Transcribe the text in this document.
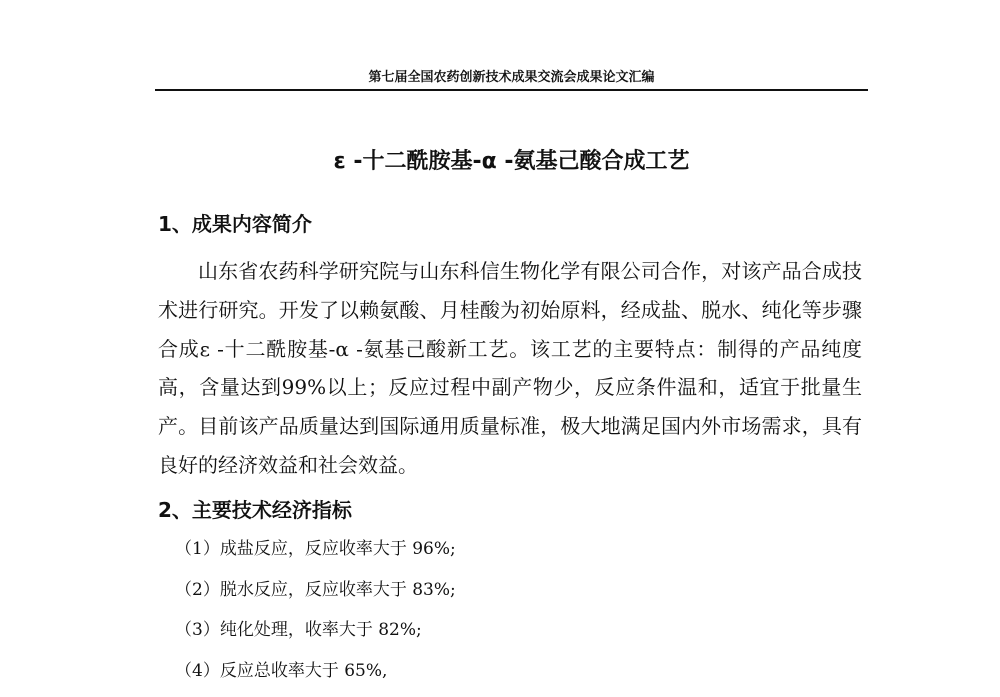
第七届全国农药创新技术成果交流会成果论文汇编
ε -十二酰胺基-α -氨基己酸合成工艺
1、成果内容简介
山东省农药科学研究院与山东科信生物化学有限公司合作，对该产品合成技术进行研究。开发了以赖氨酸、月桂酸为初始原料，经成盐、脱水、纯化等步骤合成ε -十二酰胺基-α -氨基己酸新工艺。该工艺的主要特点：制得的产品纯度高，含量达到99%以上；反应过程中副产物少，反应条件温和，适宜于批量生产。目前该产品质量达到国际通用质量标准，极大地满足国内外市场需求，具有良好的经济效益和社会效益。
2、主要技术经济指标
（1）成盐反应，反应收率大于 96%;
（2）脱水反应，反应收率大于 83%;
（3）纯化处理，收率大于 82%;
（4）反应总收率大于 65%,
